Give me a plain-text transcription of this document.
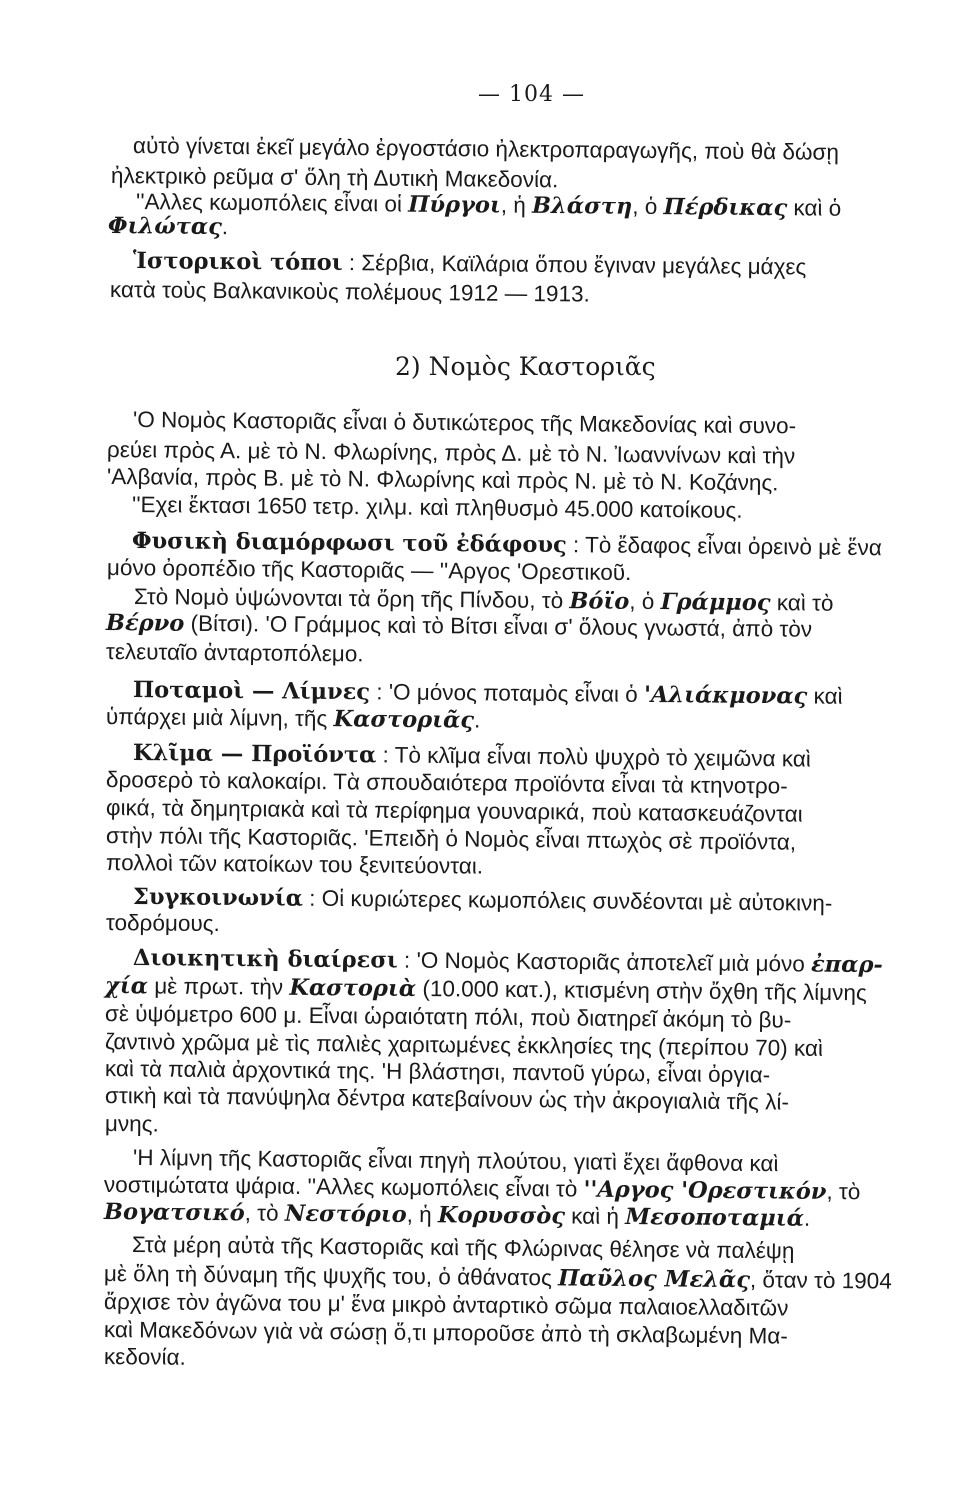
— 104 —
αὐτὸ γίνεται ἐκεῖ μεγάλο ἐργοστάσιο ἠλεκτροπαραγωγῆς, ποὺ θὰ δώσῃ
ἠλεκτρικὸ ρεῦμα σ' ὅλη τὴ Δυτικὴ Μακεδονία.
''Αλλες κωμοπόλεις εἶναι οἱ Πύργοι, ἡ Βλάστη, ὁ Πέρδικας καὶ ὁ
Φιλώτας.
Ἱστορικοὶ τόποι : Σέρβια, Καϊλάρια ὅπου ἔγιναν μεγάλες μάχες
κατὰ τοὺς Βαλκανικοὺς πολέμους 1912 — 1913.
2) Νομὸς Καστοριᾶς
'Ο Νομὸς Καστοριᾶς εἶναι ὁ δυτικώτερος τῆς Μακεδονίας καὶ συνο-
ρεύει πρὸς Α. μὲ τὸ Ν. Φλωρίνης, πρὸς Δ. μὲ τὸ Ν. Ἰωαννίνων καὶ τὴν
'Αλβανία, πρὸς Β. μὲ τὸ Ν. Φλωρίνης καὶ πρὸς Ν. μὲ τὸ Ν. Κοζάνης.
''Εχει ἔκτασι 1650 τετρ. χιλμ. καὶ πληθυσμὸ 45.000 κατοίκους.
Φυσικὴ διαμόρφωσι τοῦ ἐδάφους : Τὸ ἔδαφος εἶναι ὀρεινὸ μὲ ἕνα
μόνο ὀροπέδιο τῆς Καστοριᾶς — ''Αργος 'Ορεστικοῦ.
Στὸ Νομὸ ὑψώνονται τὰ ὄρη τῆς Πίνδου, τὸ Βόϊο, ὁ Γράμμος καὶ τὸ
Βέρνο (Βίτσι). 'Ο Γράμμος καὶ τὸ Βίτσι εἶναι σ' ὅλους γνωστά, ἀπὸ τὸν
τελευταῖο ἀνταρτοπόλεμο.
Ποταμοὶ — Λίμνες : 'Ο μόνος ποταμὸς εἶναι ὁ 'Αλιάκμονας καὶ
ὑπάρχει μιὰ λίμνη, τῆς Καστοριᾶς.
Κλῖμα — Προϊόντα : Τὸ κλῖμα εἶναι πολὺ ψυχρὸ τὸ χειμῶνα καὶ
δροσερὸ τὸ καλοκαίρι. Τὰ σπουδαιότερα προϊόντα εἶναι τὰ κτηνοτρο-
φικά, τὰ δημητριακὰ καὶ τὰ περίφημα γουναρικά, ποὺ κατασκευάζονται
στὴν πόλι τῆς Καστοριᾶς. 'Επειδὴ ὁ Νομὸς εἶναι πτωχὸς σὲ προϊόντα,
πολλοὶ τῶν κατοίκων του ξενιτεύονται.
Συγκοινωνία : Οἱ κυριώτερες κωμοπόλεις συνδέονται μὲ αὐτοκινη-
τοδρόμους.
Διοικητικὴ διαίρεσι : 'Ο Νομὸς Καστοριᾶς ἀποτελεῖ μιὰ μόνο ἐπαρ-
χία μὲ πρωτ. τὴν Καστοριὰ (10.000 κατ.), κτισμένη στὴν ὄχθη τῆς λίμνης
σὲ ὑψόμετρο 600 μ. Εἶναι ὡραιότατη πόλι, ποὺ διατηρεῖ ἀκόμη τὸ βυ-
ζαντινὸ χρῶμα μὲ τὶς παλιὲς χαριτωμένες ἐκκλησίες της (περίπου 70) καὶ
καὶ τὰ παλιὰ ἀρχοντικά της. 'Η βλάστησι, παντοῦ γύρω, εἶναι ὀργια-
στικὴ καὶ τὰ πανύψηλα δέντρα κατεβαίνουν ὡς τὴν ἀκρογιαλιὰ τῆς λί-
μνης.
'Η λίμνη τῆς Καστοριᾶς εἶναι πηγὴ πλούτου, γιατὶ ἔχει ἄφθονα καὶ
νοστιμώτατα ψάρια. ''Αλλες κωμοπόλεις εἶναι τὸ ''Αργος 'Ορεστικόν, τὸ
Βογατσικό, τὸ Νεστόριο, ἡ Κορυσσὸς καὶ ἡ Μεσοποταμιά.
Στὰ μέρη αὐτὰ τῆς Καστοριᾶς καὶ τῆς Φλώρινας θέλησε νὰ παλέψῃ
μὲ ὅλη τὴ δύναμη τῆς ψυχῆς του, ὁ ἀθάνατος Παῦλος Μελᾶς, ὅταν τὸ 1904
ἄρχισε τὸν ἀγῶνα του μ' ἕνα μικρὸ ἀνταρτικὸ σῶμα παλαιοελλαδιτῶν
καὶ Μακεδόνων γιὰ νὰ σώσῃ ὅ,τι μποροῦσε ἀπὸ τὴ σκλαβωμένη Μα-
κεδονία.
